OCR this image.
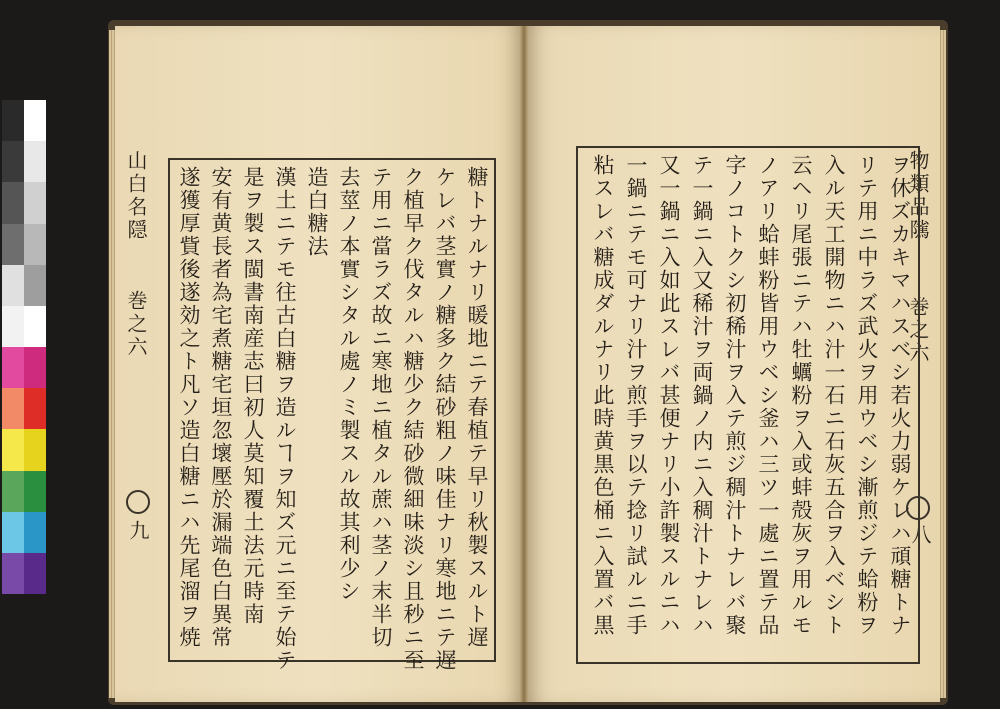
山白名隠
巻之六
九	糖トナルナリ暖地ニテ春植テ早リ秋製スルト遅
ケレバ茎實ノ糖多ク結砂粗ノ味佳ナリ寒地ニテ遅
ク植早ク伐タルハ糖少ク結砂微細味淡シ且秒ニ至
テ用ニ當ラズ故ニ寒地ニ植タル蔗ハ茎ノ末半切
去莖ノ本實シタル處ノミ製スル故其利少シ
造白糖法
漢土ニテモ往古白糖ヲ造ルヿヲ知ズ元ニ至テ始テ
是ヲ製ス閩書南産志曰初人莫知覆土法元時南
安有黄長者為宅煮糖宅垣忽壞壓於漏端色白異常
遂獲厚貲後遂効之ト凡ソ造白糖ニハ先尾溜ヲ焼	物類品隲
巻之六
八
ヲ休ズカキマハスベシ若火力弱ケレハ頑糖トナ
リテ用ニ中ラズ武火ヲ用ウベシ漸煎ジテ蛤粉ヲ
入ル天工開物ニハ汁一石ニ石灰五合ヲ入ベシト
云ヘリ尾張ニテハ牡蠣粉ヲ入或蚌殻灰ヲ用ルモ
ノアリ蛤蚌粉皆用ウベシ釜ハ三ツ一處ニ置テ品
字ノコトクシ初稀汁ヲ入テ煎ジ稠汁トナレバ聚
テ一鍋ニ入又稀汁ヲ両鍋ノ内ニ入稠汁トナレハ
又一鍋ニ入如此スレバ甚便ナリ小許製スルニハ
一鍋ニテモ可ナリ汁ヲ煎手ヲ以テ捻リ試ルニ手
粘スレバ糖成ダルナリ此時黄黒色桶ニ入置バ黒
